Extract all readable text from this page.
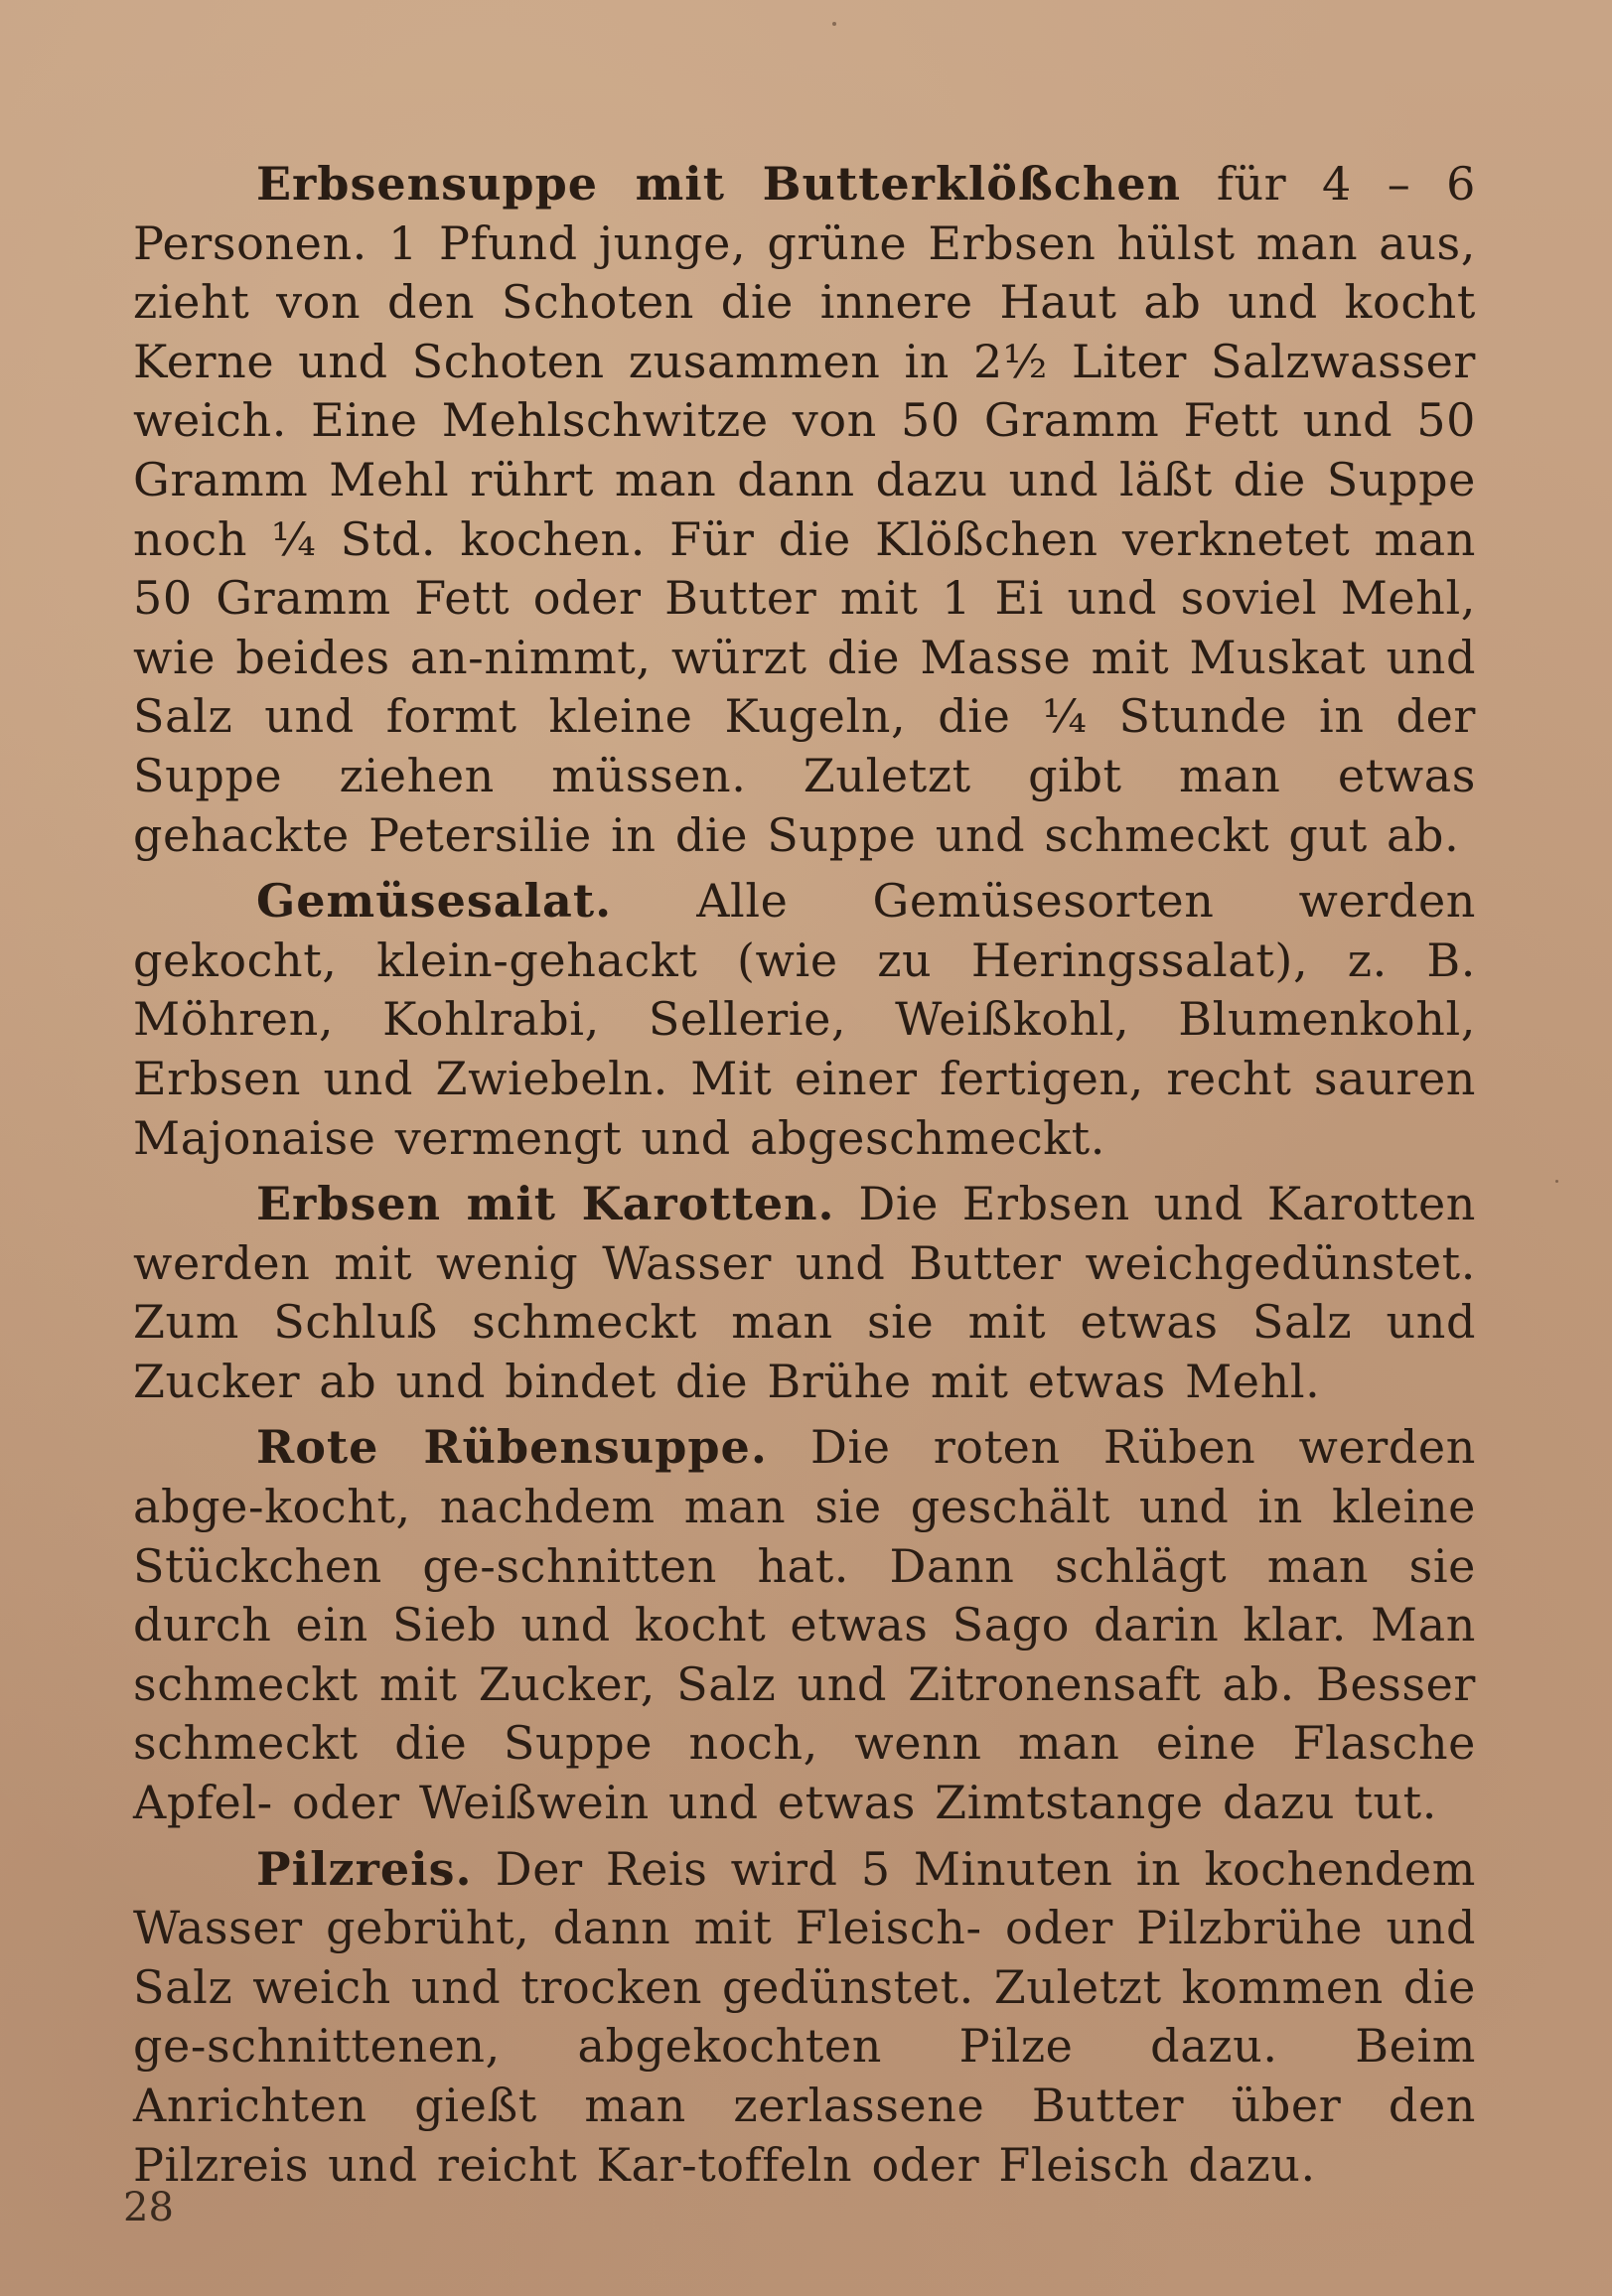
Erbsensuppe mit Butterklößchen für 4 – 6 Personen. 1 Pfund junge, grüne Erbsen hülst man aus, zieht von den Schoten die innere Haut ab und kocht Kerne und Schoten zusammen in 2½ Liter Salzwasser weich. Eine Mehlschwitze von 50 Gramm Fett und 50 Gramm Mehl rührt man dann dazu und läßt die Suppe noch ¼ Std. kochen. Für die Klößchen verknetet man 50 Gramm Fett oder Butter mit 1 Ei und soviel Mehl, wie beides an-nimmt, würzt die Masse mit Muskat und Salz und formt kleine Kugeln, die ¼ Stunde in der Suppe ziehen müssen. Zuletzt gibt man etwas gehackte Petersilie in die Suppe und schmeckt gut ab.

Gemüsesalat. Alle Gemüsesorten werden gekocht, klein-gehackt (wie zu Heringssalat), z. B. Möhren, Kohlrabi, Sellerie, Weißkohl, Blumenkohl, Erbsen und Zwiebeln. Mit einer fertigen, recht sauren Majonaise vermengt und abgeschmeckt.

Erbsen mit Karotten. Die Erbsen und Karotten werden mit wenig Wasser und Butter weichgedünstet. Zum Schluß schmeckt man sie mit etwas Salz und Zucker ab und bindet die Brühe mit etwas Mehl.

Rote Rübensuppe. Die roten Rüben werden abge-kocht, nachdem man sie geschält und in kleine Stückchen ge-schnitten hat. Dann schlägt man sie durch ein Sieb und kocht etwas Sago darin klar. Man schmeckt mit Zucker, Salz und Zitronensaft ab. Besser schmeckt die Suppe noch, wenn man eine Flasche Apfel- oder Weißwein und etwas Zimtstange dazu tut.

Pilzreis. Der Reis wird 5 Minuten in kochendem Wasser gebrüht, dann mit Fleisch- oder Pilzbrühe und Salz weich und trocken gedünstet. Zuletzt kommen die ge-schnittenen, abgekochten Pilze dazu. Beim Anrichten gießt man zerlassene Butter über den Pilzreis und reicht Kar-toffeln oder Fleisch dazu.

28
